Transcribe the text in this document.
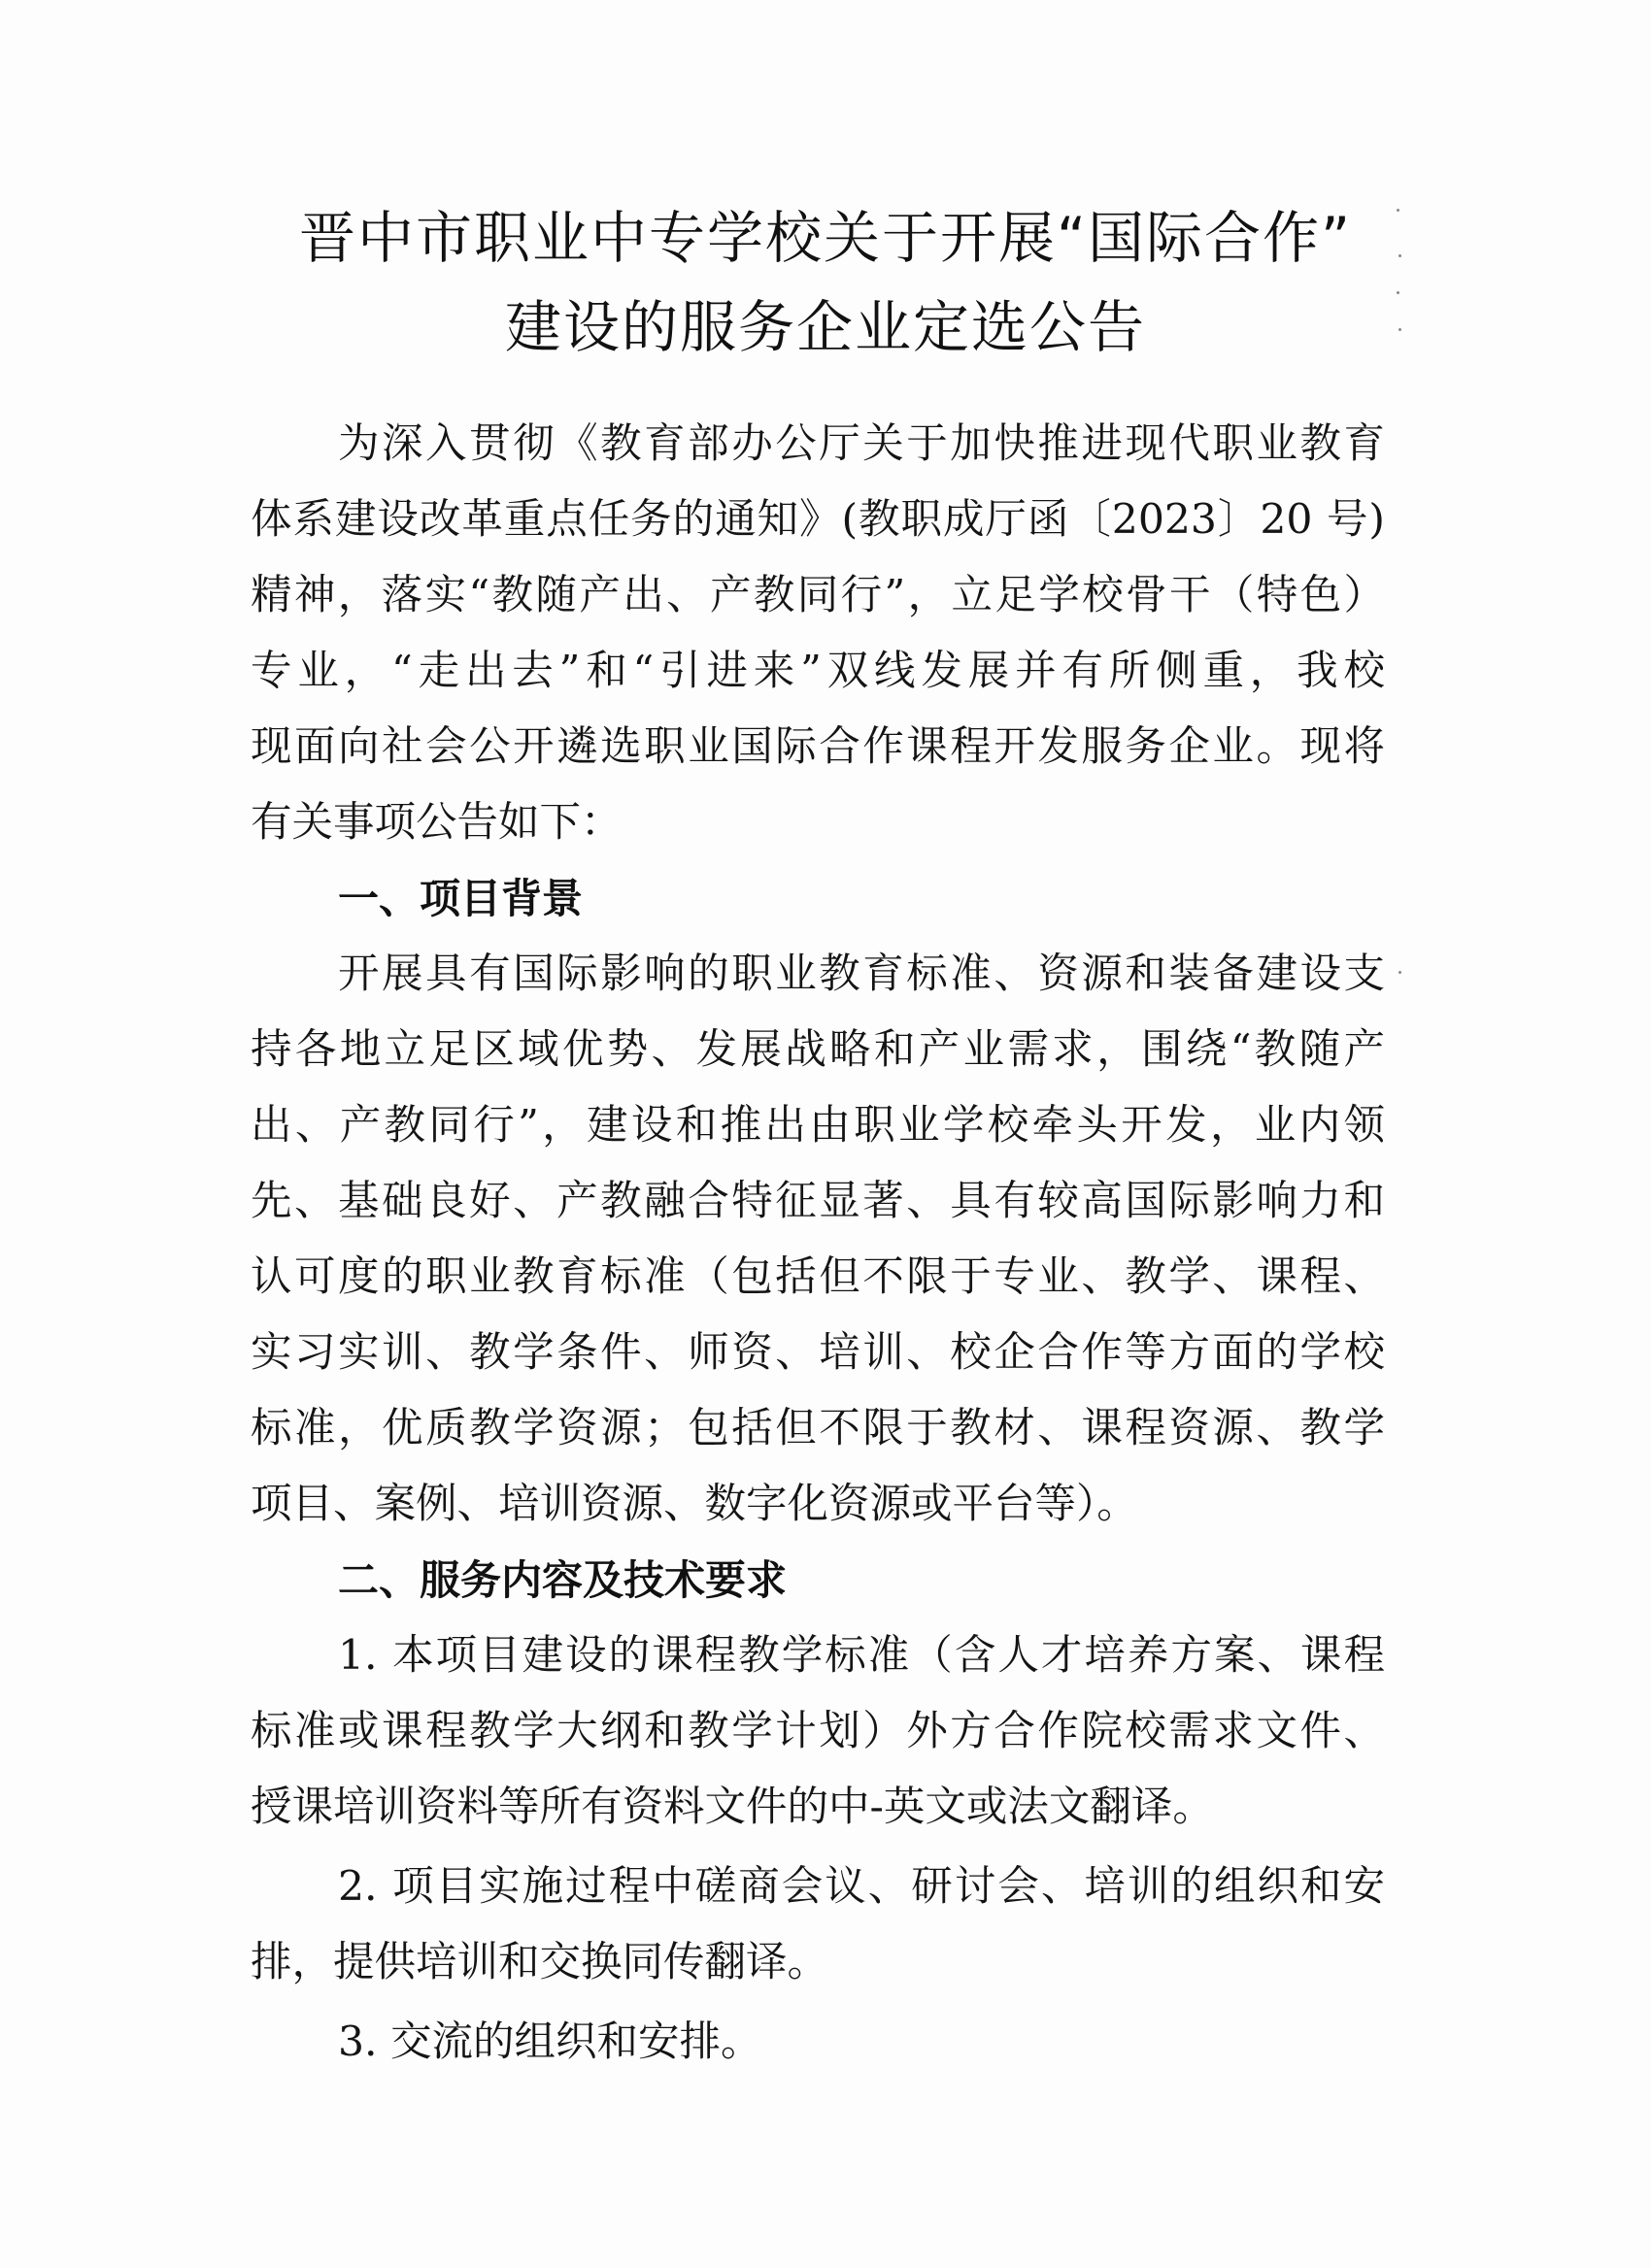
晋中市职业中专学校关于开展“国际合作”
建设的服务企业定选公告
为深入贯彻《教育部办公厅关于加快推进现代职业教育
体系建设改革重点任务的通知》(教职成厅函〔2023〕20 号)
精神，落实“教随产出、产教同行”，立足学校骨干（特色）
专业，“走出去”和“引进来”双线发展并有所侧重，我校
现面向社会公开遴选职业国际合作课程开发服务企业。现将
有关事项公告如下：
一、项目背景
开展具有国际影响的职业教育标准、资源和装备建设支
持各地立足区域优势、发展战略和产业需求，围绕“教随产
出、产教同行”，建设和推出由职业学校牵头开发，业内领
先、基础良好、产教融合特征显著、具有较高国际影响力和
认可度的职业教育标准（包括但不限于专业、教学、课程、
实习实训、教学条件、师资、培训、校企合作等方面的学校
标准，优质教学资源；包括但不限于教材、课程资源、教学
项目、案例、培训资源、数字化资源或平台等）。
二、服务内容及技术要求
1. 本项目建设的课程教学标准（含人才培养方案、课程
标准或课程教学大纲和教学计划）外方合作院校需求文件、
授课培训资料等所有资料文件的中-英文或法文翻译。
2. 项目实施过程中磋商会议、研讨会、培训的组织和安
排，提供培训和交换同传翻译。
3. 交流的组织和安排。
